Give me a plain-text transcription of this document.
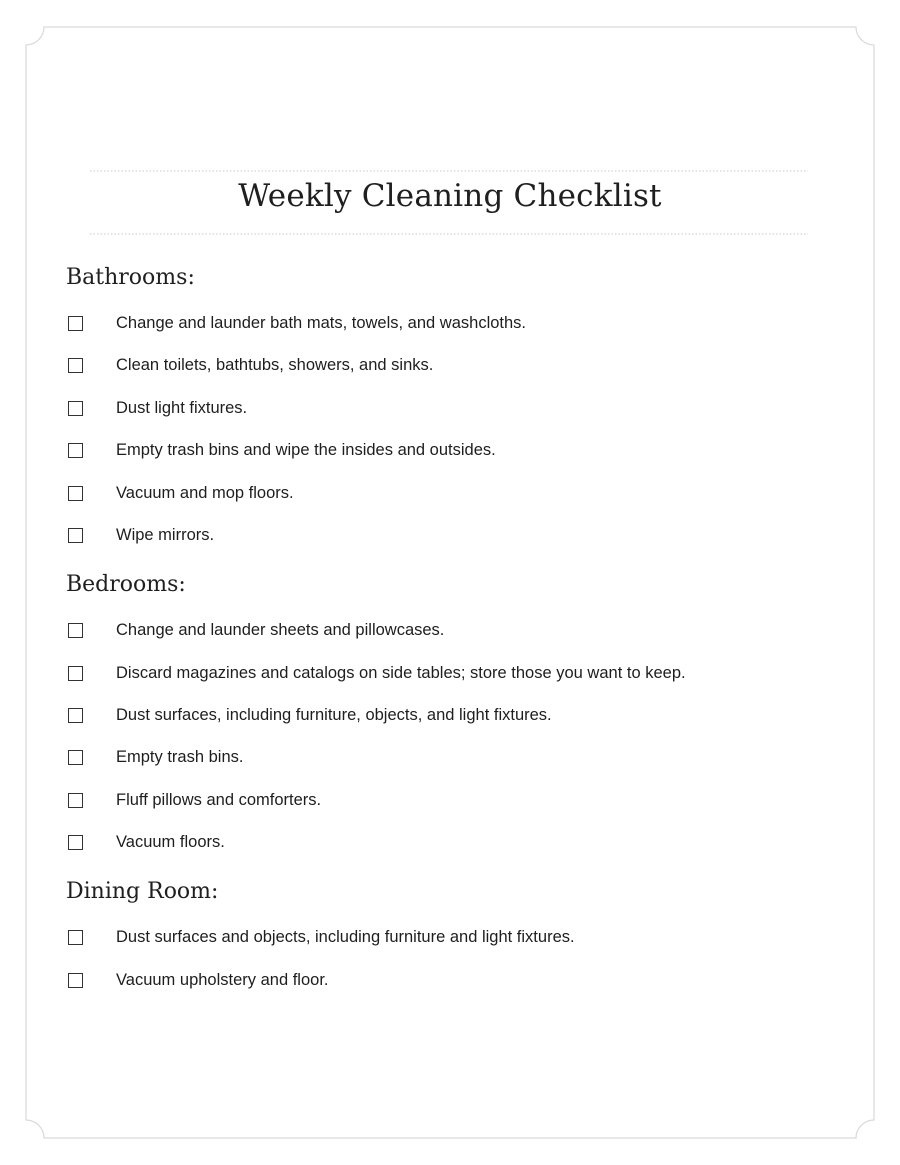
Weekly Cleaning Checklist
Bathrooms:
Change and launder bath mats, towels, and washcloths.
Clean toilets, bathtubs, showers, and sinks.
Dust light fixtures.
Empty trash bins and wipe the insides and outsides.
Vacuum and mop floors.
Wipe mirrors.
Bedrooms:
Change and launder sheets and pillowcases.
Discard magazines and catalogs on side tables; store those you want to keep.
Dust surfaces, including furniture, objects, and light fixtures.
Empty trash bins.
Fluff pillows and comforters.
Vacuum floors.
Dining Room:
Dust surfaces and objects, including furniture and light fixtures.
Vacuum upholstery and floor.
